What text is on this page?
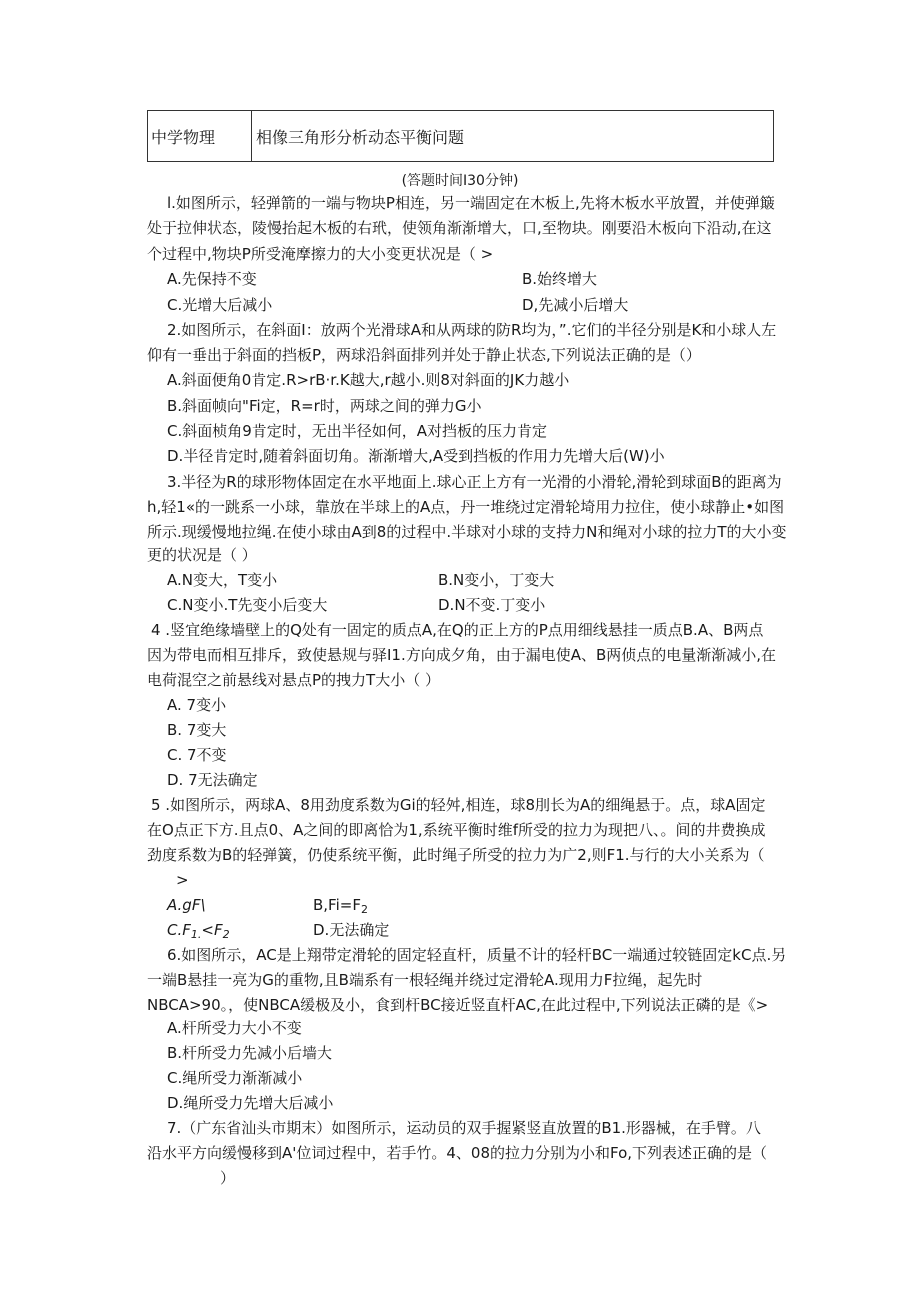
中学物理	相像三角形分析动态平衡问题
(答题时间I30分钟)
l.如图所示，轻弹箭的一端与物块P相连，另一端固定在木板上,先将木板水平放置，并使弹簸
处于拉伸状态，陵慢抬起木板的右玳，使领角渐渐增大，口,至物块。刚要沿木板向下沿动,在这
个过程中,物块P所受淹摩擦力的大小变更状况是（ >
A.先保持不变	B.始终增大
C.光增大后减小	D,先减小后增大
2.如图所示，在斜面I：放两个光滑球A和从两球的防R均为，”.它们的半径分别是K和小球人左
仰有一垂出于斜面的挡板P，两球沿斜面排列并处于静止状态,下列说法正确的是（）
A.斜面便角0肯定.R>rB·r.K越大,r越小.则8对斜面的JK力越小
B.斜面帧向"Fi定，R=r时，两球之间的弹力G小
C.斜面桢角9肯定时，无出半径如何，A对挡板的压力肯定
D.半径肯定时,随着斜面切角。渐渐增大,A受到挡板的作用力先增大后(W)小
3.半径为R的球形物体固定在水平地面上.球心正上方有一光滑的小滑轮,滑轮到球面B的距离为
h,轻1«的一跳系一小球，靠放在半球上的A点，丹一堆绕过定滑轮埼用力拉住，使小球静止•如图
所示.现缓慢地拉绳.在使小球由A到8的过程中.半球对小球的支持力N和绳对小球的拉力T的大小变
更的状况是（ ）
A.N变大，T变小	B.N变小，丁变大
C.N变小.T先变小后变大	D.N不变.丁变小
4 .竖宜绝缘墙壁上的Q处有一固定的质点A,在Q的正上方的P点用细线悬挂一质点B.A、B两点
因为带电而相互排斥，致使悬规与驿I1.方向成夕角，由于漏电使A、B两侦点的电量渐渐减小,在
电荷混空之前悬线对悬点P的拽力T大小（ ）
A. 7变小
B. 7变大
C. 7不变
D. 7无法确定
5 .如图所示，两球A、8用劲度系数为Gi的轻舛,相连，球8刖长为A的细绳悬于。点，球A固定
在O点正下方.且点0、A之间的即离恰为1,系统平衡时维f所受的拉力为现把八、。间的井费换成
劲度系数为B的轻弹簧，仍使系统平衡，此时绳子所受的拉力为广2,则F1.与行的大小关系为（
>
A.gF\	$B,Fi=F_2$
$C.F_{1.}<F_2$	D.无法确定
6.如图所示，AC是上翔带定滑轮的固定轻直杆，质量不计的轻杆BC一端通过较链固定kC点.另
一端B悬挂一亮为G的重物,且B端系有一根轻绳并绕过定滑轮A.现用力F拉绳，起先时
NBCA>90。，使NBCA缓极及小，食到杆BC接近竖直杆AC,在此过程中,下列说法正磷的是《>
A.杆所受力大小不变
B.杆所受力先减小后墙大
C.绳所受力渐渐减小
D.绳所受力先增大后减小
7.（广东省汕头市期末）如图所示，运动员的双手握紧竖直放置的B1.形器械，在手臂。八
沿水平方向缓慢移到A'位词过程中，若手竹。4、08的拉力分别为小和Fo,下列表述正确的是（
）
